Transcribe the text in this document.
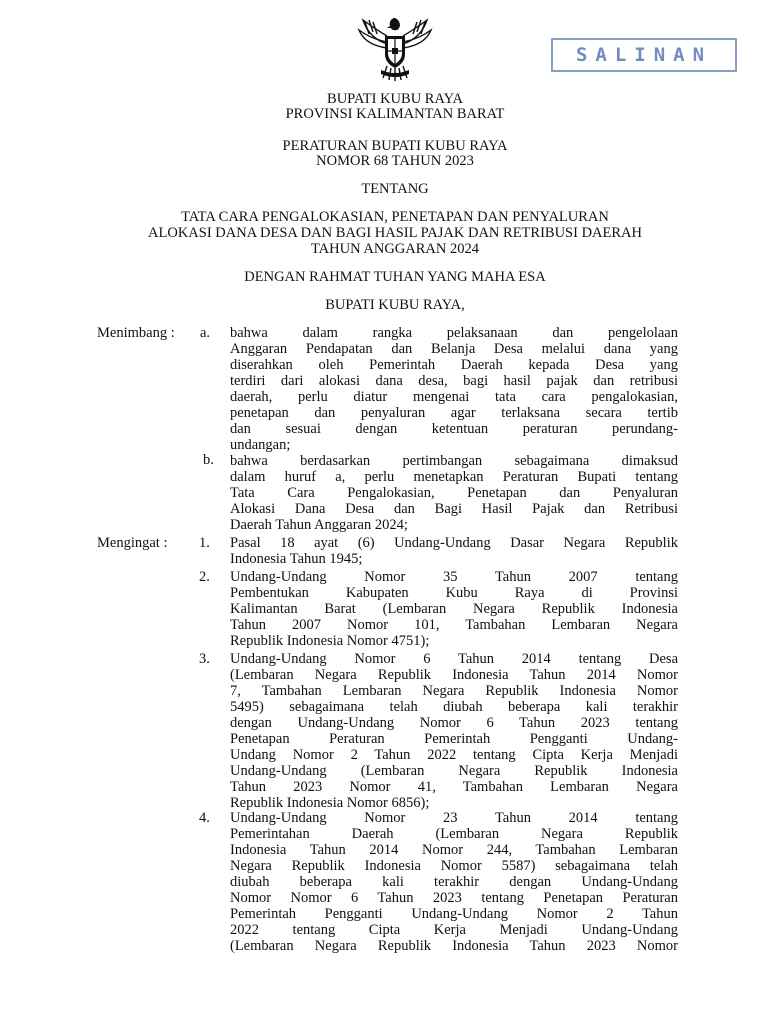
SALINAN
BUPATI KUBU RAYA
PROVINSI KALIMANTAN BARAT
PERATURAN BUPATI KUBU RAYA
NOMOR 68 TAHUN 2023
TENTANG
TATA CARA PENGALOKASIAN, PENETAPAN DAN PENYALURAN
ALOKASI DANA DESA DAN BAGI HASIL PAJAK DAN RETRIBUSI DAERAH
TAHUN ANGGARAN 2024
DENGAN RAHMAT TUHAN YANG MAHA ESA
BUPATI KUBU RAYA,
Menimbang : a. bahwa dalam rangka pelaksanaan dan pengelolaan
Anggaran Pendapatan dan Belanja Desa melalui dana yang
diserahkan oleh Pemerintah Daerah kepada Desa yang
terdiri dari alokasi dana desa, bagi hasil pajak dan retribusi
daerah, perlu diatur mengenai tata cara pengalokasian,
penetapan dan penyaluran agar terlaksana secara tertib
dan sesuai dengan ketentuan peraturan perundang-
undangan;
b. bahwa berdasarkan pertimbangan sebagaimana dimaksud
dalam huruf a, perlu menetapkan Peraturan Bupati tentang
Tata Cara Pengalokasian, Penetapan dan Penyaluran
Alokasi Dana Desa dan Bagi Hasil Pajak dan Retribusi
Daerah Tahun Anggaran 2024;
Mengingat : 1. Pasal 18 ayat (6) Undang-Undang Dasar Negara Republik
Indonesia Tahun 1945;
2. Undang-Undang Nomor 35 Tahun 2007 tentang
Pembentukan Kabupaten Kubu Raya di Provinsi
Kalimantan Barat (Lembaran Negara Republik Indonesia
Tahun 2007 Nomor 101, Tambahan Lembaran Negara
Republik Indonesia Nomor 4751);
3. Undang-Undang Nomor 6 Tahun 2014 tentang Desa
(Lembaran Negara Republik Indonesia Tahun 2014 Nomor
7, Tambahan Lembaran Negara Republik Indonesia Nomor
5495) sebagaimana telah diubah beberapa kali terakhir
dengan Undang-Undang Nomor 6 Tahun 2023 tentang
Penetapan Peraturan Pemerintah Pengganti Undang-
Undang Nomor 2 Tahun 2022 tentang Cipta Kerja Menjadi
Undang-Undang (Lembaran Negara Republik Indonesia
Tahun 2023 Nomor 41, Tambahan Lembaran Negara
Republik Indonesia Nomor 6856);
4. Undang-Undang Nomor 23 Tahun 2014 tentang
Pemerintahan Daerah (Lembaran Negara Republik
Indonesia Tahun 2014 Nomor 244, Tambahan Lembaran
Negara Republik Indonesia Nomor 5587) sebagaimana telah
diubah beberapa kali terakhir dengan Undang-Undang
Nomor Nomor 6 Tahun 2023 tentang Penetapan Peraturan
Pemerintah Pengganti Undang-Undang Nomor 2 Tahun
2022 tentang Cipta Kerja Menjadi Undang-Undang
(Lembaran Negara Republik Indonesia Tahun 2023 Nomor
